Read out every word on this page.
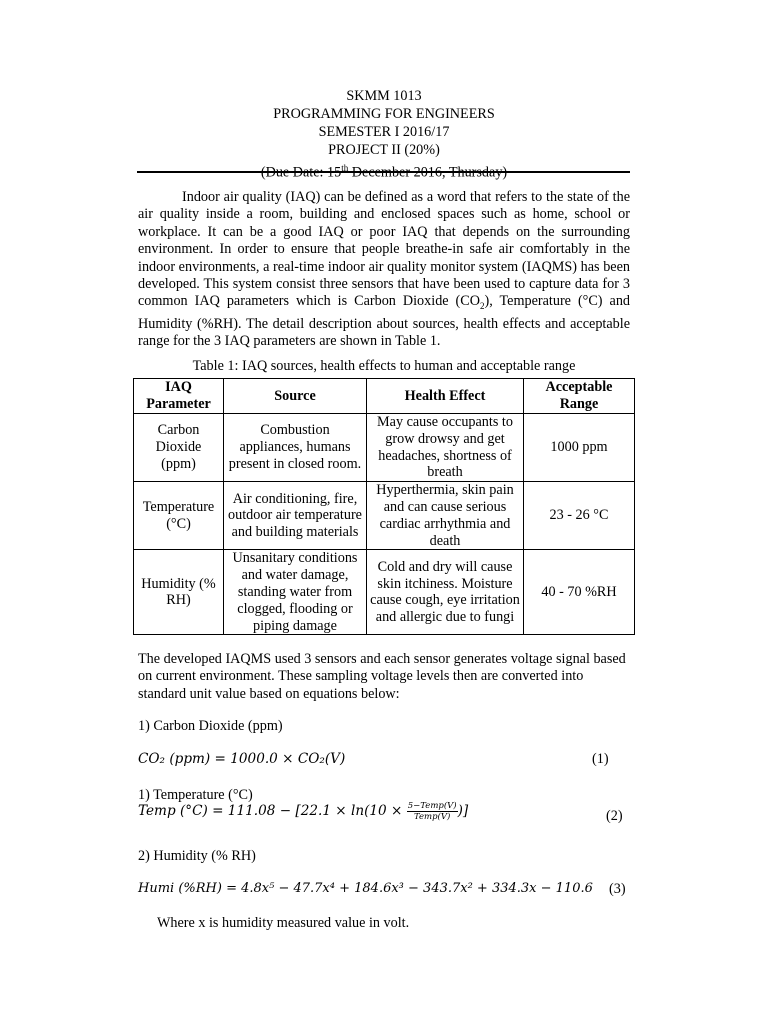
SKMM 1013
PROGRAMMING FOR ENGINEERS
SEMESTER I 2016/17
PROJECT II (20%)
(Due Date: 15th December 2016, Thursday)
Indoor air quality (IAQ) can be defined as a word that refers to the state of the air quality inside a room, building and enclosed spaces such as home, school or workplace. It can be a good IAQ or poor IAQ that depends on the surrounding environment. In order to ensure that people breathe-in safe air comfortably in the indoor environments, a real-time indoor air quality monitor system (IAQMS) has been developed. This system consist three sensors that have been used to capture data for 3 common IAQ parameters which is Carbon Dioxide $(CO_2)$, Temperature (°C) and Humidity (%RH). The detail description about sources, health effects and acceptable range for the 3 IAQ parameters are shown in Table 1.
Table 1: IAQ sources, health effects to human and acceptable range
IAQ Parameter	Source	Health Effect	Acceptable Range
Carbon Dioxide (ppm)	Combustion appliances, humans present in closed room.	May cause occupants to grow drowsy and get headaches, shortness of breath	1000 ppm
Temperature (°C)	Air conditioning, fire, outdoor air temperature and building materials	Hyperthermia, skin pain and can cause serious cardiac arrhythmia and death	23 - 26 °C
Humidity (% RH)	Unsanitary conditions and water damage, standing water from clogged, flooding or piping damage	Cold and dry will cause skin itchiness. Moisture cause cough, eye irritation and allergic due to fungi	40 - 70 %RH
The developed IAQMS used 3 sensors and each sensor generates voltage signal based on current environment. These sampling voltage levels then are converted into standard unit value based on equations below:
1) Carbon Dioxide (ppm)
CO₂ (ppm) = 1000.0 × CO₂(V)	(1)
1) Temperature (°C)
Temp $(^\circ C) = 111.08 - [22.1 \times \ln(10 \times \frac{\text{5−Temp(V)}}{\text{Temp(V)}}$ )]	(2)
2) Humidity (% RH)
Humi (%RH) = 4.8x⁵ − 47.7x⁴ + 184.6x³ − 343.7x² + 334.3x − 110.6 (3)
Where x is humidity measured value in volt.
